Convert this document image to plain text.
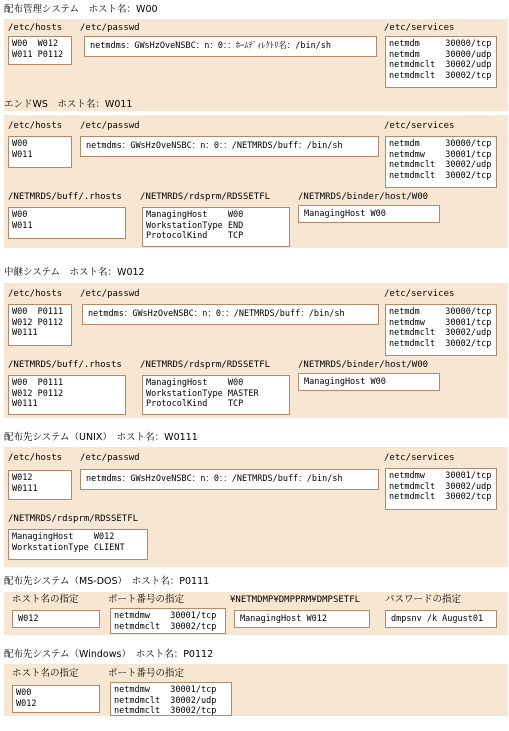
配布管理システム　ホスト名：W00
/etc/hosts
W00  W012
W011 P0112
/etc/passwd
netmdms：GWsHzOveNSBC：n：0：：ﾎｰﾑﾃﾞｨﾚｸﾄﾘ名：/bin/sh
/etc/services
netmdm     30000/tcp
netmdm     30000/udp
netmdmclt  30002/udp
netmdmclt  30002/tcp
エンドWS　ホスト名：W011
/etc/hosts
W00
W011
/etc/passwd
netmdms：GWsHzOveNSBC：n：0：：/NETMRDS/buff：/bin/sh
/etc/services
netmdm     30000/tcp
netmdmw    30001/tcp
netmdmclt  30002/udp
netmdmclt  30002/tcp
/NETMRDS/buff/.rhosts
W00
W011
/NETMRDS/rdsprm/RDSSETFL
ManagingHost    W00
WorkstationType END
ProtocolKind    TCP
/NETMRDS/binder/host/W00
ManagingHost W00
中継システム　ホスト名：W012
/etc/hosts
W00  P0111
W012 P0112
W0111
/etc/passwd
netmdms：GWsHzOveNSBC：n：0：：/NETMRDS/buff：/bin/sh
/etc/services
netmdm     30000/tcp
netmdmw    30001/tcp
netmdmclt  30002/udp
netmdmclt  30002/tcp
/NETMRDS/buff/.rhosts
W00  P0111
W012 P0112
W0111
/NETMRDS/rdsprm/RDSSETFL
ManagingHost    W00
WorkstationType MASTER
ProtocolKind    TCP
/NETMRDS/binder/host/W00
ManagingHost W00
配布先システム（UNIX）　ホスト名：W0111
/etc/hosts
W012
W0111
/etc/passwd
netmdms：GWsHzOveNSBC：n：0：：/NETMRDS/buff：/bin/sh
/etc/services
netmdmw    30001/tcp
netmdmclt  30002/udp
netmdmclt  30002/tcp
/NETMRDS/rdsprm/RDSSETFL
ManagingHost    W012
WorkstationType CLIENT
配布先システム（MS-DOS）　ホスト名：P0111
ホスト名の指定
W012
ポート番号の指定
netmdmw    30001/tcp
netmdmclt  30002/tcp
¥NETMDMP¥DMPPRM¥DMPSETFL
ManagingHost W012
パスワードの指定
dmpsnv /k August01
配布先システム（Windows）　ホスト名：P0112
ホスト名の指定
W00
W012
ポート番号の指定
netmdmw    30001/tcp
netmdmclt  30002/udp
netmdmclt  30002/tcp
